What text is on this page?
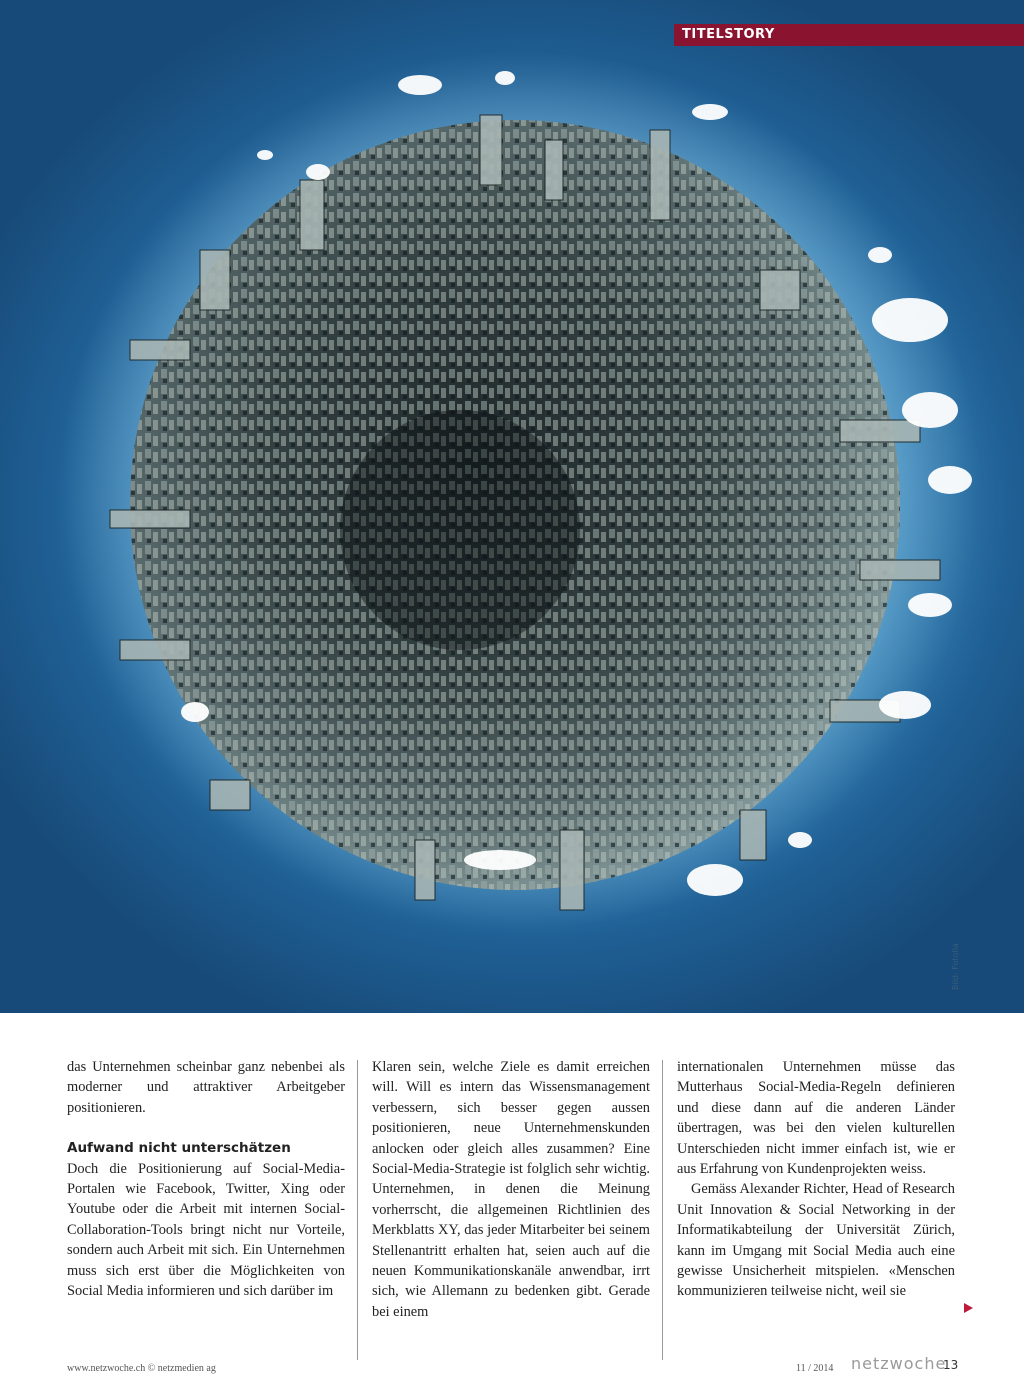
TITELSTORY
Bild: Fotolia

das Unternehmen scheinbar ganz nebenbei als moderner und attraktiver Arbeitgeber positionieren.

Aufwand nicht unterschätzen

Doch die Positionierung auf Social-Media-Portalen wie Facebook, Twitter, Xing oder Youtube oder die Arbeit mit internen Social-Collaboration-Tools bringt nicht nur Vorteile, sondern auch Arbeit mit sich. Ein Unternehmen muss sich erst über die Möglichkeiten von Social Media informieren und sich darüber im

Klaren sein, welche Ziele es damit erreichen will. Will es intern das Wissensmanagement verbessern, sich besser gegen aussen positionieren, neue Unternehmenskunden anlocken oder gleich alles zusammen? Eine Social-Media-Strategie ist folglich sehr wichtig. Unternehmen, in denen die Meinung vorherrscht, die allgemeinen Richtlinien des Merkblatts XY, das jeder Mitarbeiter bei seinem Stellenantritt erhalten hat, seien auch auf die neuen Kommunikationskanäle anwendbar, irrt sich, wie Allemann zu bedenken gibt. Gerade bei einem

internationalen Unternehmen müsse das Mutterhaus Social-Media-Regeln definieren und diese dann auf die anderen Länder übertragen, was bei den vielen kulturellen Unterschieden nicht immer einfach ist, wie er aus Erfahrung von Kundenprojekten weiss.

Gemäss Alexander Richter, Head of Research Unit Innovation & Social Networking in der Informatikabteilung der Universität Zürich, kann im Umgang mit Social Media auch eine gewisse Unsicherheit mitspielen. «Menschen kommunizieren teilweise nicht, weil sie

www.netzwoche.ch © netzmedien ag	11 / 2014 netzwoche
13
